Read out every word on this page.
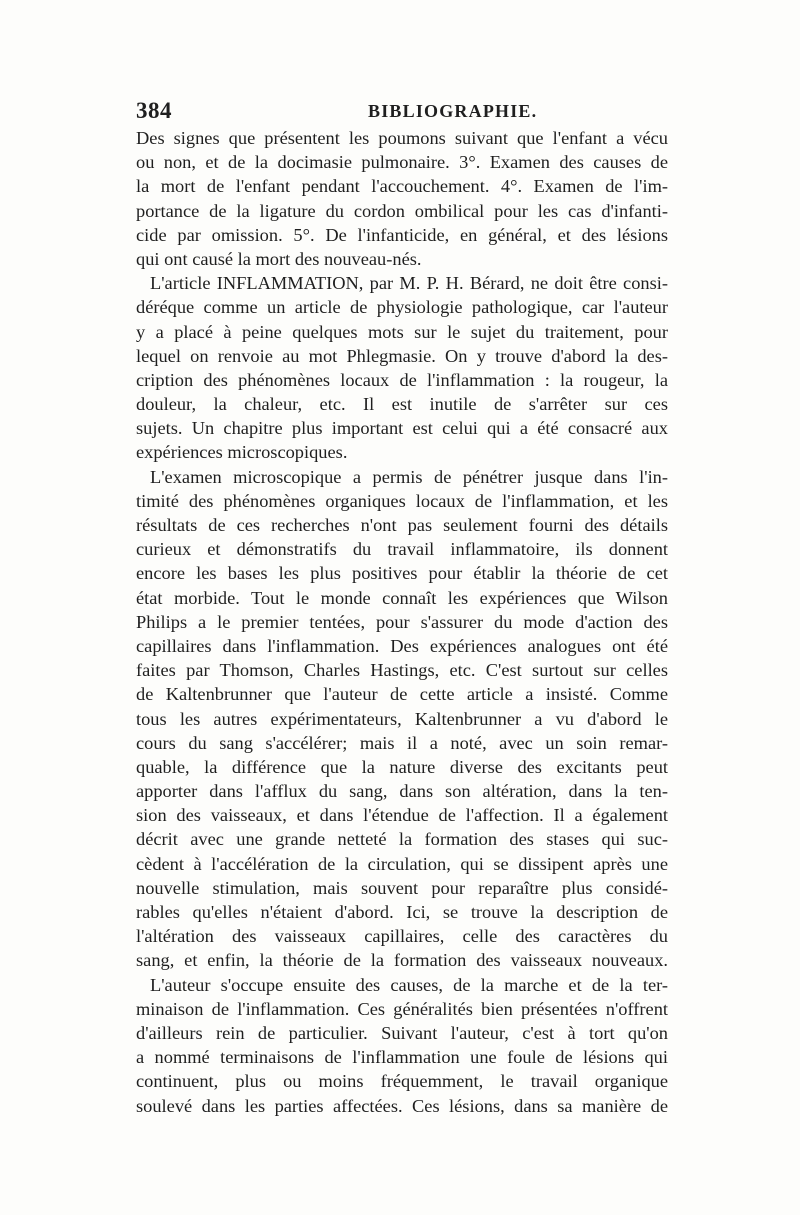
384	BIBLIOGRAPHIE.
Des signes que présentent les poumons suivant que l'enfant a vécu
ou non, et de la docimasie pulmonaire. 3°. Examen des causes de
la mort de l'enfant pendant l'accouchement. 4°. Examen de l'im-
portance de la ligature du cordon ombilical pour les cas d'infanti-
cide par omission. 5°. De l'infanticide, en général, et des lésions
qui ont causé la mort des nouveau-nés.
L'article INFLAMMATION, par M. P. H. Bérard, ne doit être consi-
déréque comme un article de physiologie pathologique, car l'auteur
y a placé à peine quelques mots sur le sujet du traitement, pour
lequel on renvoie au mot Phlegmasie. On y trouve d'abord la des-
cription des phénomènes locaux de l'inflammation : la rougeur, la
douleur, la chaleur, etc. Il est inutile de s'arrêter sur ces
sujets. Un chapitre plus important est celui qui a été consacré aux
expériences microscopiques.
L'examen microscopique a permis de pénétrer jusque dans l'in-
timité des phénomènes organiques locaux de l'inflammation, et les
résultats de ces recherches n'ont pas seulement fourni des détails
curieux et démonstratifs du travail inflammatoire, ils donnent
encore les bases les plus positives pour établir la théorie de cet
état morbide. Tout le monde connaît les expériences que Wilson
Philips a le premier tentées, pour s'assurer du mode d'action des
capillaires dans l'inflammation. Des expériences analogues ont été
faites par Thomson, Charles Hastings, etc. C'est surtout sur celles
de Kaltenbrunner que l'auteur de cette article a insisté. Comme
tous les autres expérimentateurs, Kaltenbrunner a vu d'abord le
cours du sang s'accélérer; mais il a noté, avec un soin remar-
quable, la différence que la nature diverse des excitants peut
apporter dans l'afflux du sang, dans son altération, dans la ten-
sion des vaisseaux, et dans l'étendue de l'affection. Il a également
décrit avec une grande netteté la formation des stases qui suc-
cèdent à l'accélération de la circulation, qui se dissipent après une
nouvelle stimulation, mais souvent pour reparaître plus considé-
rables qu'elles n'étaient d'abord. Ici, se trouve la description de
l'altération des vaisseaux capillaires, celle des caractères du
sang, et enfin, la théorie de la formation des vaisseaux nouveaux.
L'auteur s'occupe ensuite des causes, de la marche et de la ter-
minaison de l'inflammation. Ces généralités bien présentées n'offrent
d'ailleurs rein de particulier. Suivant l'auteur, c'est à tort qu'on
a nommé terminaisons de l'inflammation une foule de lésions qui
continuent, plus ou moins fréquemment, le travail organique
soulevé dans les parties affectées. Ces lésions, dans sa manière de
